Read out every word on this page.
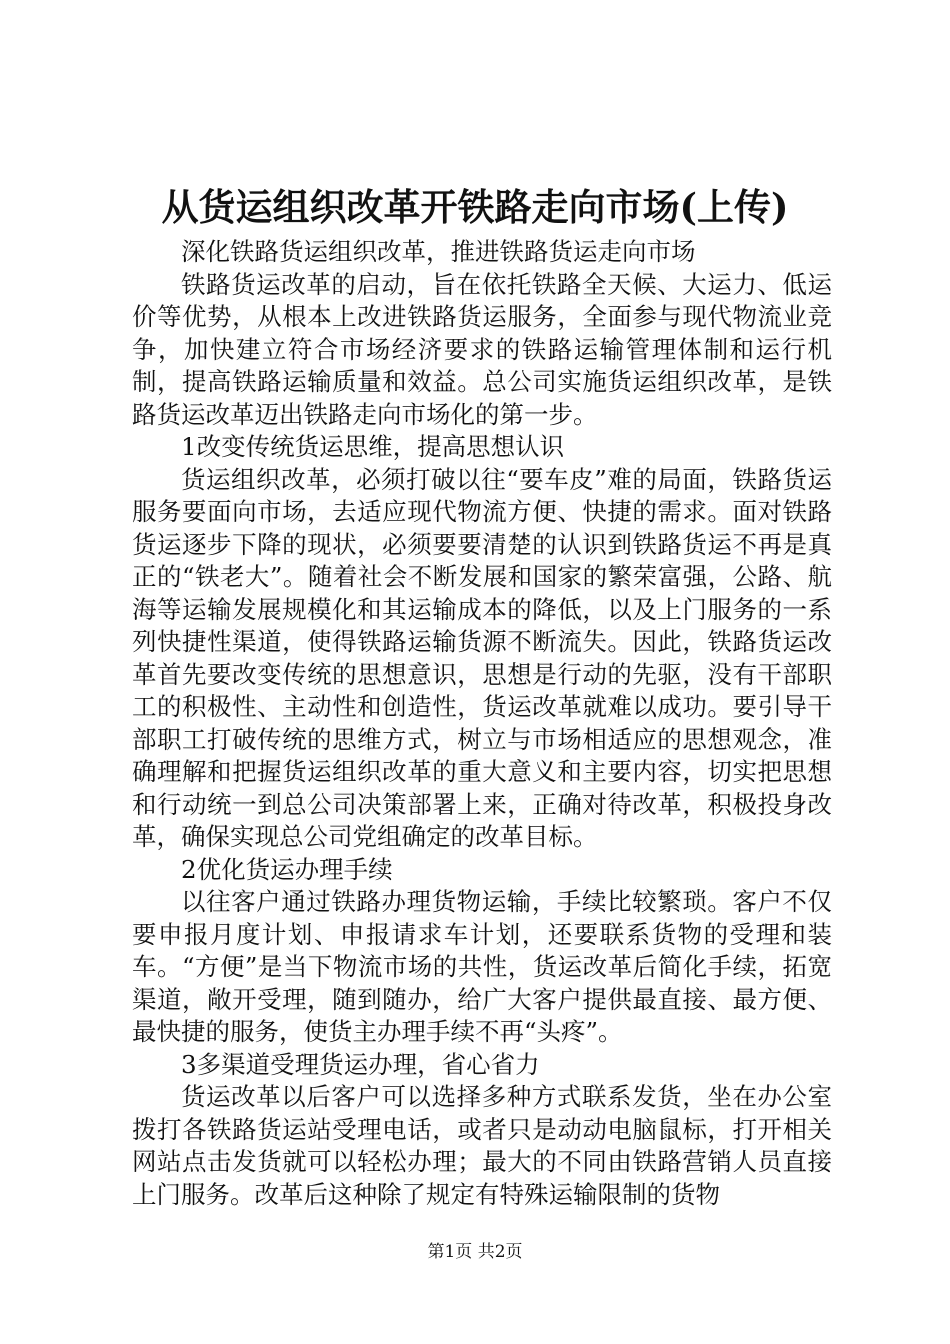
从货运组织改革开铁路走向市场(上传)

深化铁路货运组织改革，推进铁路货运走向市场

铁路货运改革的启动，旨在依托铁路全天候、大运力、低运价等优势，从根本上改进铁路货运服务，全面参与现代物流业竞争，加快建立符合市场经济要求的铁路运输管理体制和运行机制，提高铁路运输质量和效益。总公司实施货运组织改革，是铁路货运改革迈出铁路走向市场化的第一步。

1改变传统货运思维，提高思想认识

货运组织改革，必须打破以往“要车皮”难的局面，铁路货运服务要面向市场，去适应现代物流方便、快捷的需求。面对铁路货运逐步下降的现状，必须要要清楚的认识到铁路货运不再是真正的“铁老大”。随着社会不断发展和国家的繁荣富强，公路、航海等运输发展规模化和其运输成本的降低，以及上门服务的一系列快捷性渠道，使得铁路运输货源不断流失。因此，铁路货运改革首先要改变传统的思想意识，思想是行动的先驱，没有干部职工的积极性、主动性和创造性，货运改革就难以成功。要引导干部职工打破传统的思维方式，树立与市场相适应的思想观念，准确理解和把握货运组织改革的重大意义和主要内容，切实把思想和行动统一到总公司决策部署上来，正确对待改革，积极投身改革，确保实现总公司党组确定的改革目标。

2优化货运办理手续

以往客户通过铁路办理货物运输，手续比较繁琐。客户不仅要申报月度计划、申报请求车计划，还要联系货物的受理和装车。“方便”是当下物流市场的共性，货运改革后简化手续，拓宽渠道，敞开受理，随到随办，给广大客户提供最直接、最方便、最快捷的服务，使货主办理手续不再“头疼”。

3多渠道受理货运办理，省心省力

货运改革以后客户可以选择多种方式联系发货，坐在办公室拨打各铁路货运站受理电话，或者只是动动电脑鼠标，打开相关网站点击发货就可以轻松办理；最大的不同由铁路营销人员直接上门服务。改革后这种除了规定有特殊运输限制的货物

第1页 共2页
